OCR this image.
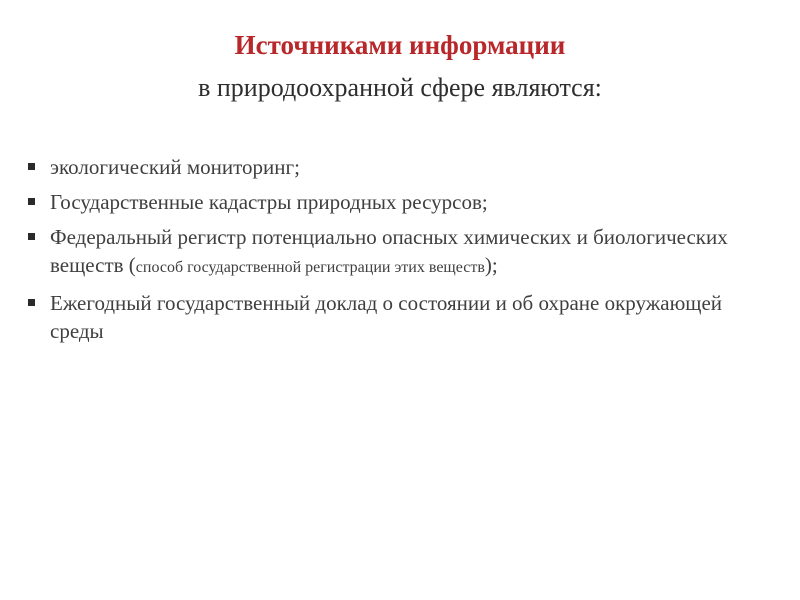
Источниками информации
в природоохранной сфере являются:
экологический мониторинг;
Государственные кадастры природных ресурсов;
Федеральный регистр потенциально опасных химических и биологических веществ (способ государственной регистрации этих веществ);
Ежегодный государственный доклад о состоянии и об охране окружающей среды
